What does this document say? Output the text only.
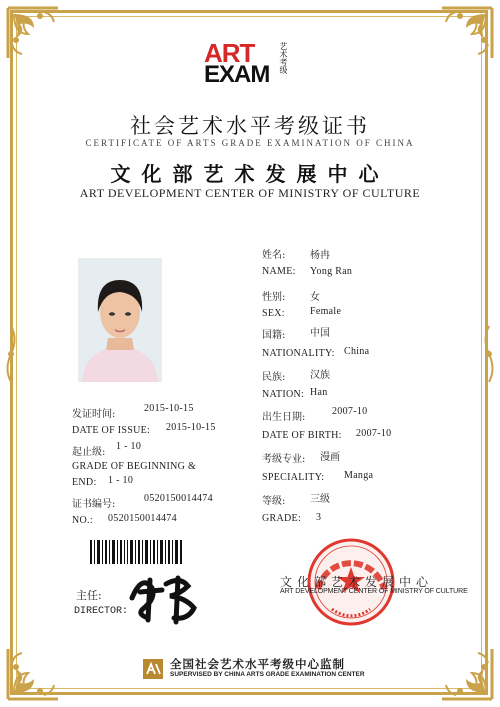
ART
EXAM
艺术考级
社会艺术水平考级证书
CERTIFICATE OF ARTS GRADE EXAMINATION OF CHINA
文化部艺术发展中心
ART DEVELOPMENT CENTER OF MINISTRY OF CULTURE
姓名: 杨冉
NAME: Yong Ran
性别: 女
SEX:	Female
国籍: 中国
NATIONALITY: China
民族: 汉族
NATION: Han
出生日期:
2007-10
DATE OF BIRTH: 2007-10
考级专业: 漫画
SPECIALITY: Manga
等级: 三级
GRADE: 3
发证时间:
2015-10-15
DATE OF ISSUE: 2015-10-15
起止级:
1 - 10
GRADE OF BEGINNING &
END: 1 - 10
证书编号:
0520150014474
NO.: 0520150014474
主任:
DIRECTOR:
文化部艺术发展中心
ART DEVELOPMENT CENTER OF MINISTRY OF CULTURE
全国社会艺术水平考级中心监制
SUPERVISED BY CHINA ARTS GRADE EXAMINATION CENTER
